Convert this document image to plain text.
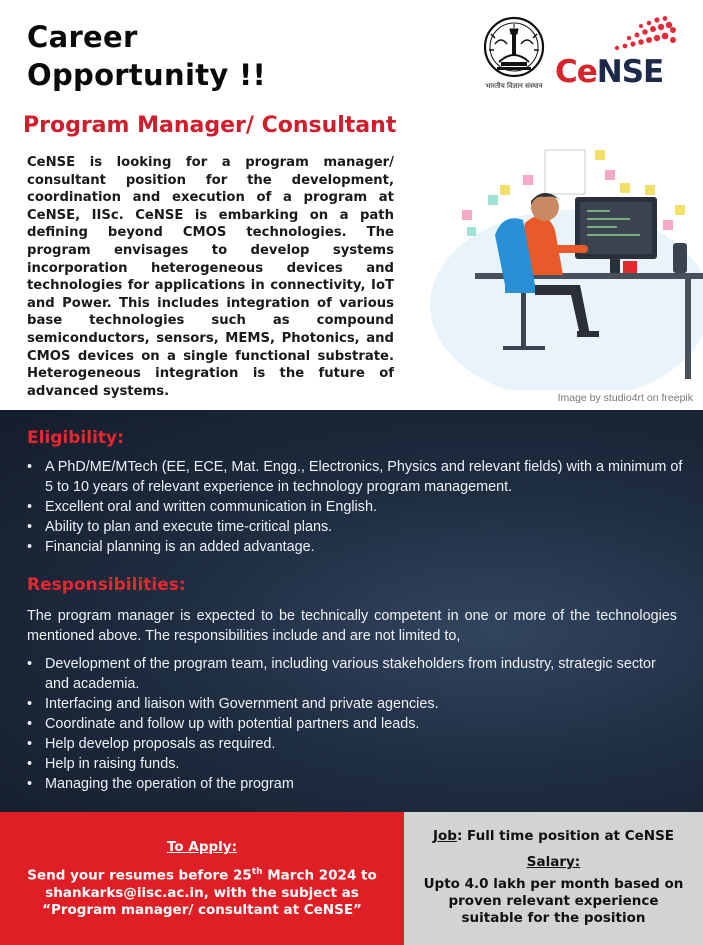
Career
Opportunity !!	भारतीय विज्ञान संस्थान CeNSE
Program Manager/ Consultant
CeNSE is looking for a program manager/ consultant position for the development, coordination and execution of a program at CeNSE, IISc. CeNSE is embarking on a path defining beyond CMOS technologies. The program envisages to develop systems incorporation heterogeneous devices and technologies for applications in connectivity, IoT and Power. This includes integration of various base technologies such as compound semiconductors, sensors, MEMS, Photonics, and CMOS devices on a single functional substrate. Heterogeneous integration is the future of advanced systems.	Image by studio4rt on freepik
Eligibility:
• A PhD/ME/MTech (EE, ECE, Mat. Engg., Electronics, Physics and relevant fields) with a minimum of 5 to 10 years of relevant experience in technology program management.
• Excellent oral and written communication in English.
• Ability to plan and execute time-critical plans.
• Financial planning is an added advantage.
Responsibilities:
The program manager is expected to be technically competent in one or more of the technologies mentioned above. The responsibilities include and are not limited to,
• Development of the program team, including various stakeholders from industry, strategic sector and academia.
• Interfacing and liaison with Government and private agencies.
• Coordinate and follow up with potential partners and leads.
• Help develop proposals as required.
• Help in raising funds.
• Managing the operation of the program
To Apply:
Send your resumes before 25th March 2024 to
shankarks@iisc.ac.in, with the subject as
“Program manager/ consultant at CeNSE”
Job: Full time position at CeNSE
Salary:
Upto 4.0 lakh per month based on proven relevant experience suitable for the position
